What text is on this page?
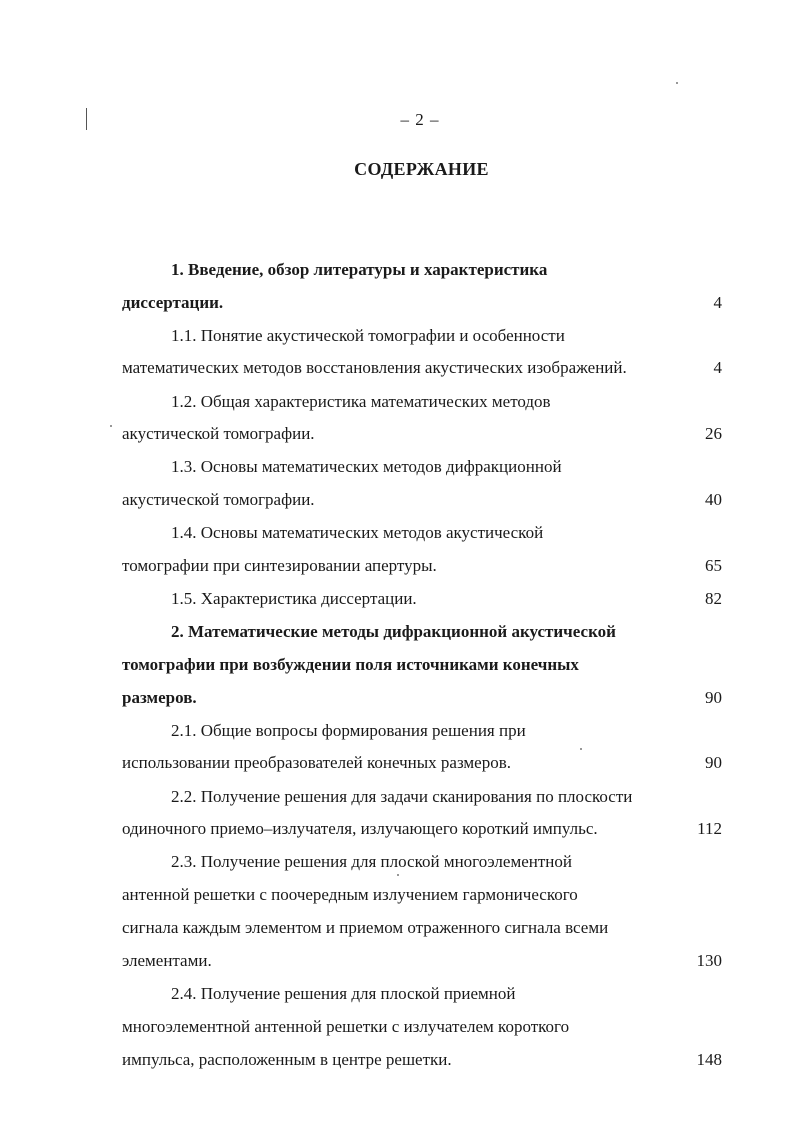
– 2 –
СОДЕРЖАНИЕ
1. Введение, обзор литературы и характеристика
диссертации.	4
1.1. Понятие акустической томографии и особенности
математических методов восстановления акустических изображений.	4
1.2. Общая характеристика математических методов
акустической томографии.	26
1.3. Основы математических методов дифракционной
акустической томографии.	40
1.4. Основы математических методов акустической
томографии при синтезировании апертуры.	65
1.5. Характеристика диссертации.	82
2. Математические методы дифракционной акустической
томографии при возбуждении поля источниками конечных
размеров.	90
2.1. Общие вопросы формирования решения при
использовании преобразователей конечных размеров.	90
2.2. Получение решения для задачи сканирования по плоскости
одиночного приемо–излучателя, излучающего короткий импульс.	112
2.3. Получение решения для плоской многоэлементной
антенной решетки с поочередным излучением гармонического
сигнала каждым элементом и приемом отраженного сигнала всеми
элементами.	130
2.4. Получение решения для плоской приемной
многоэлементной антенной решетки с излучателем короткого
импульса, расположенным в центре решетки.	148
